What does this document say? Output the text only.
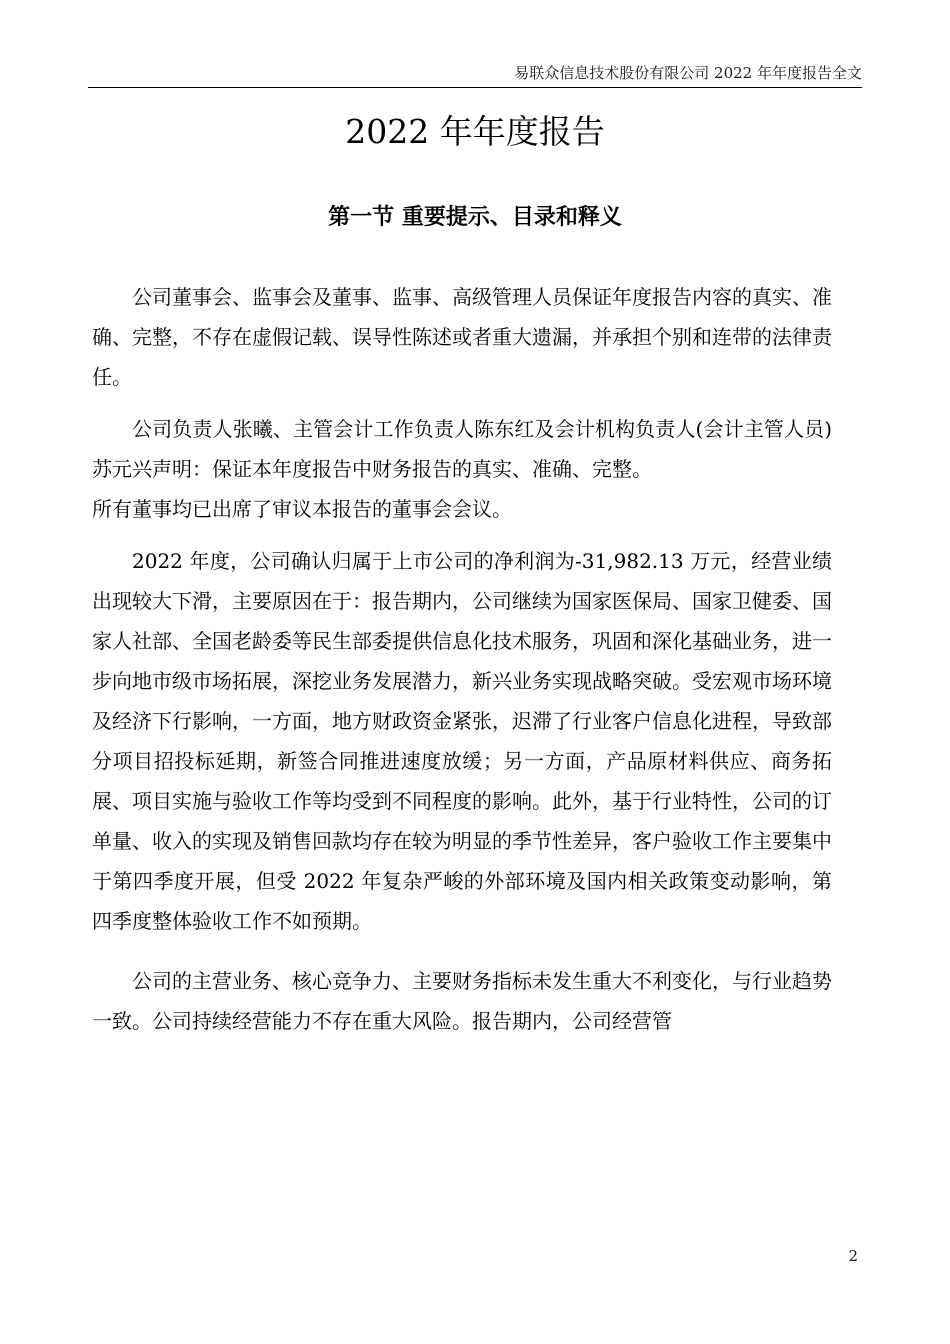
易联众信息技术股份有限公司 2022 年年度报告全文
2022 年年度报告
第一节 重要提示、目录和释义

公司董事会、监事会及董事、监事、高级管理人员保证年度报告内容的真实、准确、完整，不存在虚假记载、误导性陈述或者重大遗漏，并承担个别和连带的法律责任。

公司负责人张曦、主管会计工作负责人陈东红及会计机构负责人(会计主管人员)苏元兴声明：保证本年度报告中财务报告的真实、准确、完整。

所有董事均已出席了审议本报告的董事会会议。

2022 年度，公司确认归属于上市公司的净利润为-31,982.13 万元，经营业绩出现较大下滑，主要原因在于：报告期内，公司继续为国家医保局、国家卫健委、国家人社部、全国老龄委等民生部委提供信息化技术服务，巩固和深化基础业务，进一步向地市级市场拓展，深挖业务发展潜力，新兴业务实现战略突破。受宏观市场环境及经济下行影响，一方面，地方财政资金紧张，迟滞了行业客户信息化进程，导致部分项目招投标延期，新签合同推进速度放缓；另一方面，产品原材料供应、商务拓展、项目实施与验收工作等均受到不同程度的影响。此外，基于行业特性，公司的订单量、收入的实现及销售回款均存在较为明显的季节性差异，客户验收工作主要集中于第四季度开展，但受 2022 年复杂严峻的外部环境及国内相关政策变动影响，第四季度整体验收工作不如预期。

公司的主营业务、核心竞争力、主要财务指标未发生重大不利变化，与行业趋势一致。公司持续经营能力不存在重大风险。报告期内，公司经营管

2
